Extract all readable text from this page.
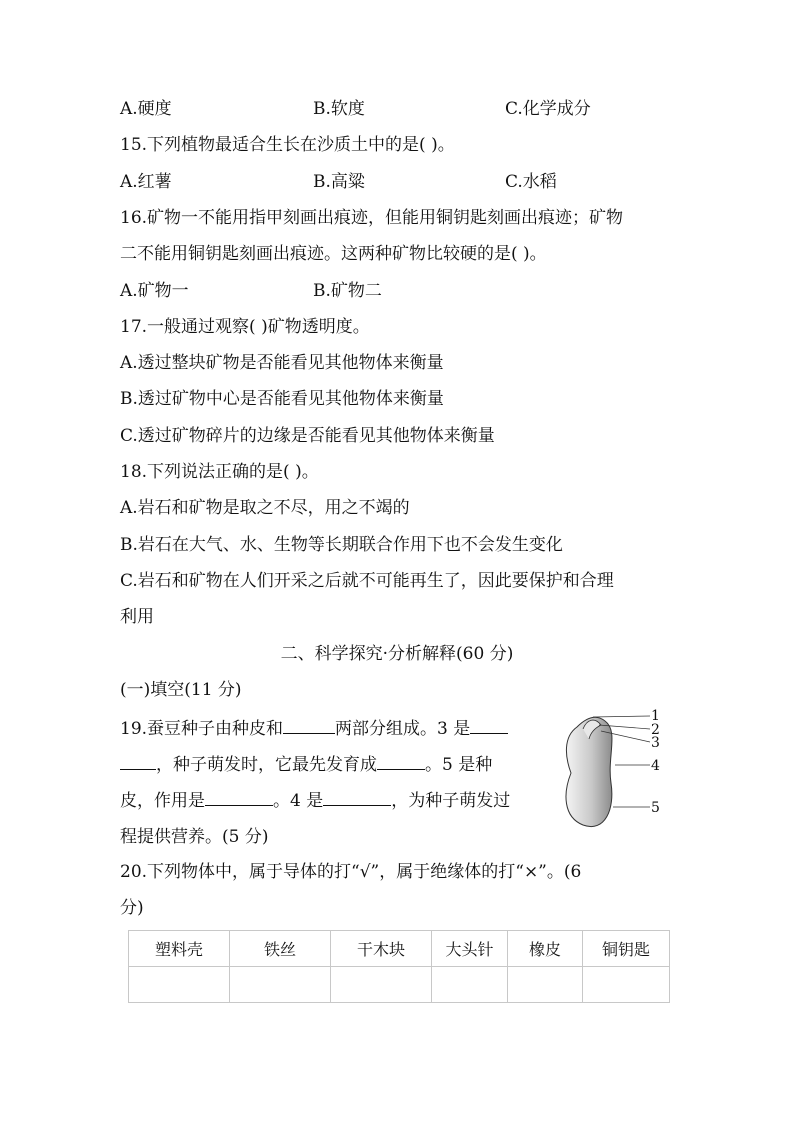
A.硬度	B.软度	C.化学成分
15.下列植物最适合生长在沙质土中的是( )。
A.红薯	B.高粱	C.水稻
16.矿物一不能用指甲刻画出痕迹，但能用铜钥匙刻画出痕迹；矿物
二不能用铜钥匙刻画出痕迹。这两种矿物比较硬的是( )。
A.矿物一	B.矿物二
17.一般通过观察( )矿物透明度。
A.透过整块矿物是否能看见其他物体来衡量
B.透过矿物中心是否能看见其他物体来衡量
C.透过矿物碎片的边缘是否能看见其他物体来衡量
18.下列说法正确的是( )。
A.岩石和矿物是取之不尽，用之不竭的
B.岩石在大气、水、生物等长期联合作用下也不会发生变化
C.岩石和矿物在人们开采之后就不可能再生了，因此要保护和合理
利用
二、科学探究·分析解释(60 分)
(一)填空(11 分)
19.蚕豆种子由种皮和	两部分组成。3 是
，种子萌发时，它最先发育成	。5 是种
皮，作用是	。4 是	，为种子萌发过
程提供营养。(5 分)
1
2
3
4
5
20.下列物体中，属于导体的打“√”，属于绝缘体的打“×”。(6
分)
塑料壳	铁丝	干木块	大头针	橡皮	铜钥匙
